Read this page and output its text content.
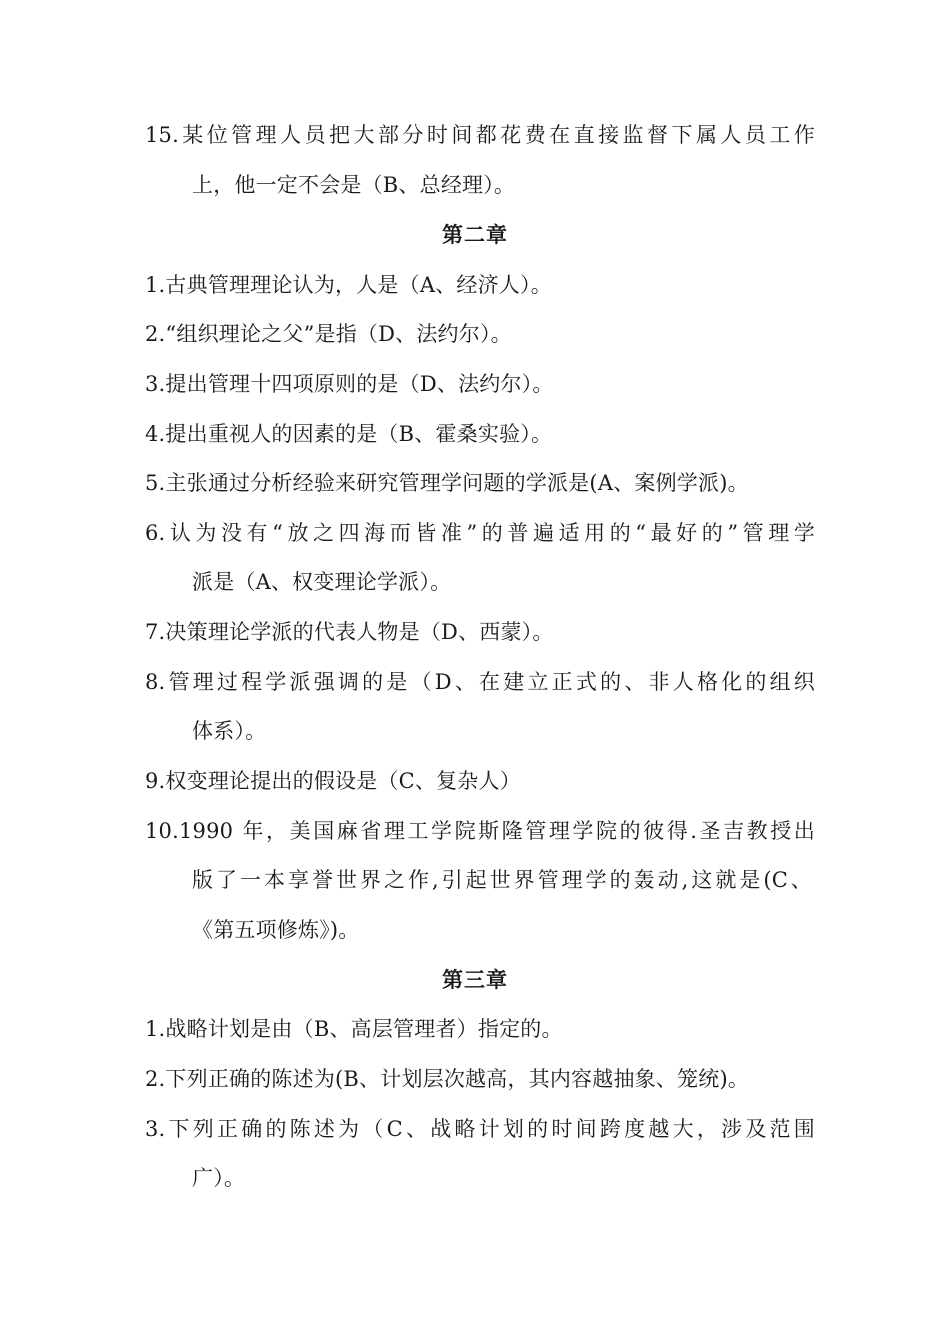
15.某位管理人员把大部分时间都花费在直接监督下属人员工作
上，他一定不会是（B、总经理）。
第二章
1.古典管理理论认为，人是（A、经济人）。
2.“组织理论之父”是指（D、法约尔）。
3.提出管理十四项原则的是（D、法约尔）。
4.提出重视人的因素的是（B、霍桑实验）。
5.主张通过分析经验来研究管理学问题的学派是(A、案例学派)。
6.认为没有“放之四海而皆准”的普遍适用的“最好的”管理学
派是（A、权变理论学派）。
7.决策理论学派的代表人物是（D、西蒙）。
8.管理过程学派强调的是（D、在建立正式的、非人格化的组织
体系）。
9.权变理论提出的假设是（C、复杂人）
10.1990 年，美国麻省理工学院斯隆管理学院的彼得.圣吉教授出
版了一本享誉世界之作,引起世界管理学的轰动,这就是(C、
《第五项修炼》)。
第三章
1.战略计划是由（B、高层管理者）指定的。
2.下列正确的陈述为(B、计划层次越高，其内容越抽象、笼统)。
3.下列正确的陈述为（C、战略计划的时间跨度越大，涉及范围
广）。
